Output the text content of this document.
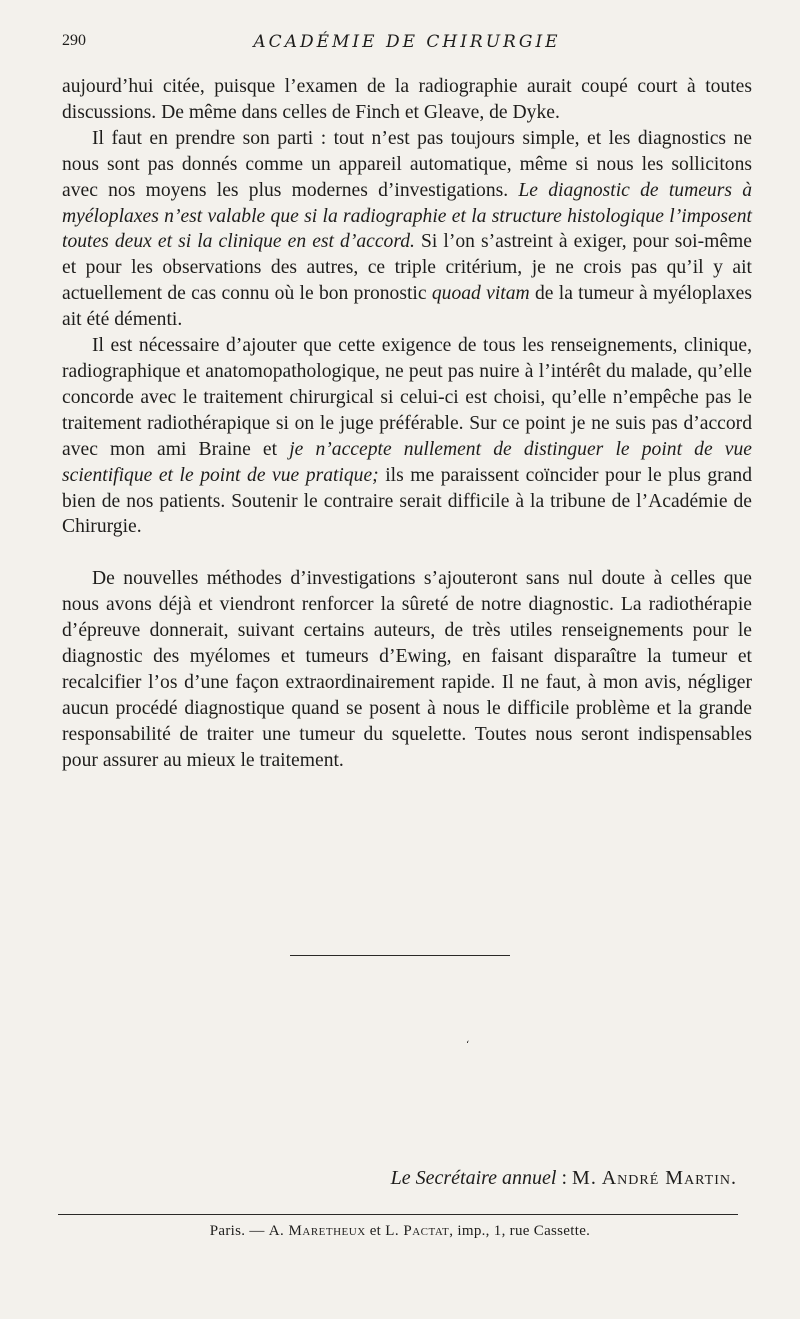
290	ACADÉMIE DE CHIRURGIE

aujourd’hui citée, puisque l’examen de la radiographie aurait coupé court à toutes discussions. De même dans celles de Finch et Gleave, de Dyke.

Il faut en prendre son parti : tout n’est pas toujours simple, et les diagnostics ne nous sont pas donnés comme un appareil automatique, même si nous les sollicitons avec nos moyens les plus modernes d’investigations. Le diagnostic de tumeurs à myéloplaxes n’est valable que si la radiographie et la structure histologique l’imposent toutes deux et si la clinique en est d’accord. Si l’on s’astreint à exiger, pour soi-même et pour les observations des autres, ce triple critérium, je ne crois pas qu’il y ait actuellement de cas connu où le bon pronostic quoad vitam de la tumeur à myéloplaxes ait été démenti.

Il est nécessaire d’ajouter que cette exigence de tous les renseignements, clinique, radiographique et anatomopathologique, ne peut pas nuire à l’intérêt du malade, qu’elle concorde avec le traitement chirurgical si celui-ci est choisi, qu’elle n’empêche pas le traitement radiothérapique si on le juge préférable. Sur ce point je ne suis pas d’accord avec mon ami Braine et je n’accepte nullement de distinguer le point de vue scientifique et le point de vue pratique; ils me paraissent coïncider pour le plus grand bien de nos patients. Soutenir le contraire serait difficile à la tribune de l’Académie de Chirurgie.

De nouvelles méthodes d’investigations s’ajouteront sans nul doute à celles que nous avons déjà et viendront renforcer la sûreté de notre diagnostic. La radiothérapie d’épreuve donnerait, suivant certains auteurs, de très utiles renseignements pour le diagnostic des myélomes et tumeurs d’Ewing, en faisant disparaître la tumeur et recalcifier l’os d’une façon extraordinairement rapide. Il ne faut, à mon avis, négliger aucun procédé diagnostique quand se posent à nous le difficile problème et la grande responsabilité de traiter une tumeur du squelette. Toutes nous seront indispensables pour assurer au mieux le traitement.

‘
Le Secrétaire annuel : M. André Martin.
Paris. — A. Maretheux et L. Pactat, imp., 1, rue Cassette.
